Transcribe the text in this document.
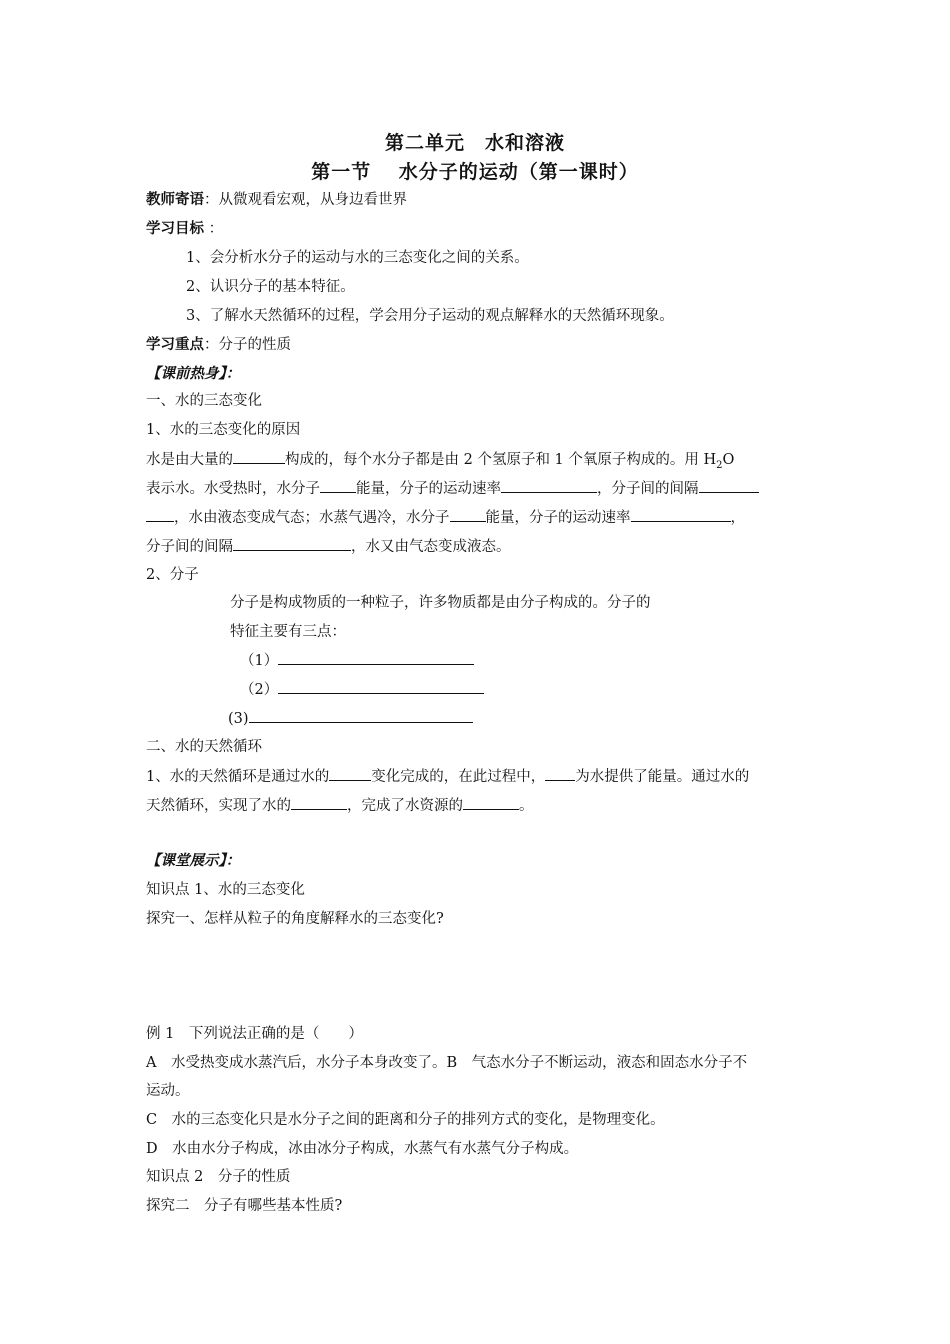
第二单元　水和溶液
第一节　 水分子的运动（第一课时）
教师寄语：从微观看宏观，从身边看世界
学习目标 ：
1、会分析水分子的运动与水的三态变化之间的关系。
2、认识分子的基本特征。
3、了解水天然循环的过程，学会用分子运动的观点解释水的天然循环现象。
学习重点：分子的性质
【课前热身】：
一、水的三态变化
1、水的三态变化的原因
水是由大量的	构成的，每个水分子都是由 2 个氢原子和 1 个氧原子构成的。用 $H_2O$
表示水。水受热时，水分子 能量，分子的运动速率	，分子间的间隔
，水由液态变成气态；水蒸气遇冷，水分子 能量，分子的运动速率	，
分子间的间隔	，水又由气态变成液态。
2、分子
分子是构成物质的一种粒子，许多物质都是由分子构成的。分子的
特征主要有三点：
（1）
（2）
(3)
二、水的天然循环
1、水的天然循环是通过水的	变化完成的，在此过程中， 为水提供了能量。通过水的
天然循环，实现了水的	，完成了水资源的	。
【课堂展示】：
知识点 1、水的三态变化
探究一、怎样从粒子的角度解释水的三态变化?
例 1　下列说法正确的是（　　）
A　水受热变成水蒸汽后，水分子本身改变了。B　气态水分子不断运动，液态和固态水分子不
运动。
C　水的三态变化只是水分子之间的距离和分子的排列方式的变化，是物理变化。
D　水由水分子构成，冰由冰分子构成，水蒸气有水蒸气分子构成。
知识点 2　分子的性质
探究二　分子有哪些基本性质?
